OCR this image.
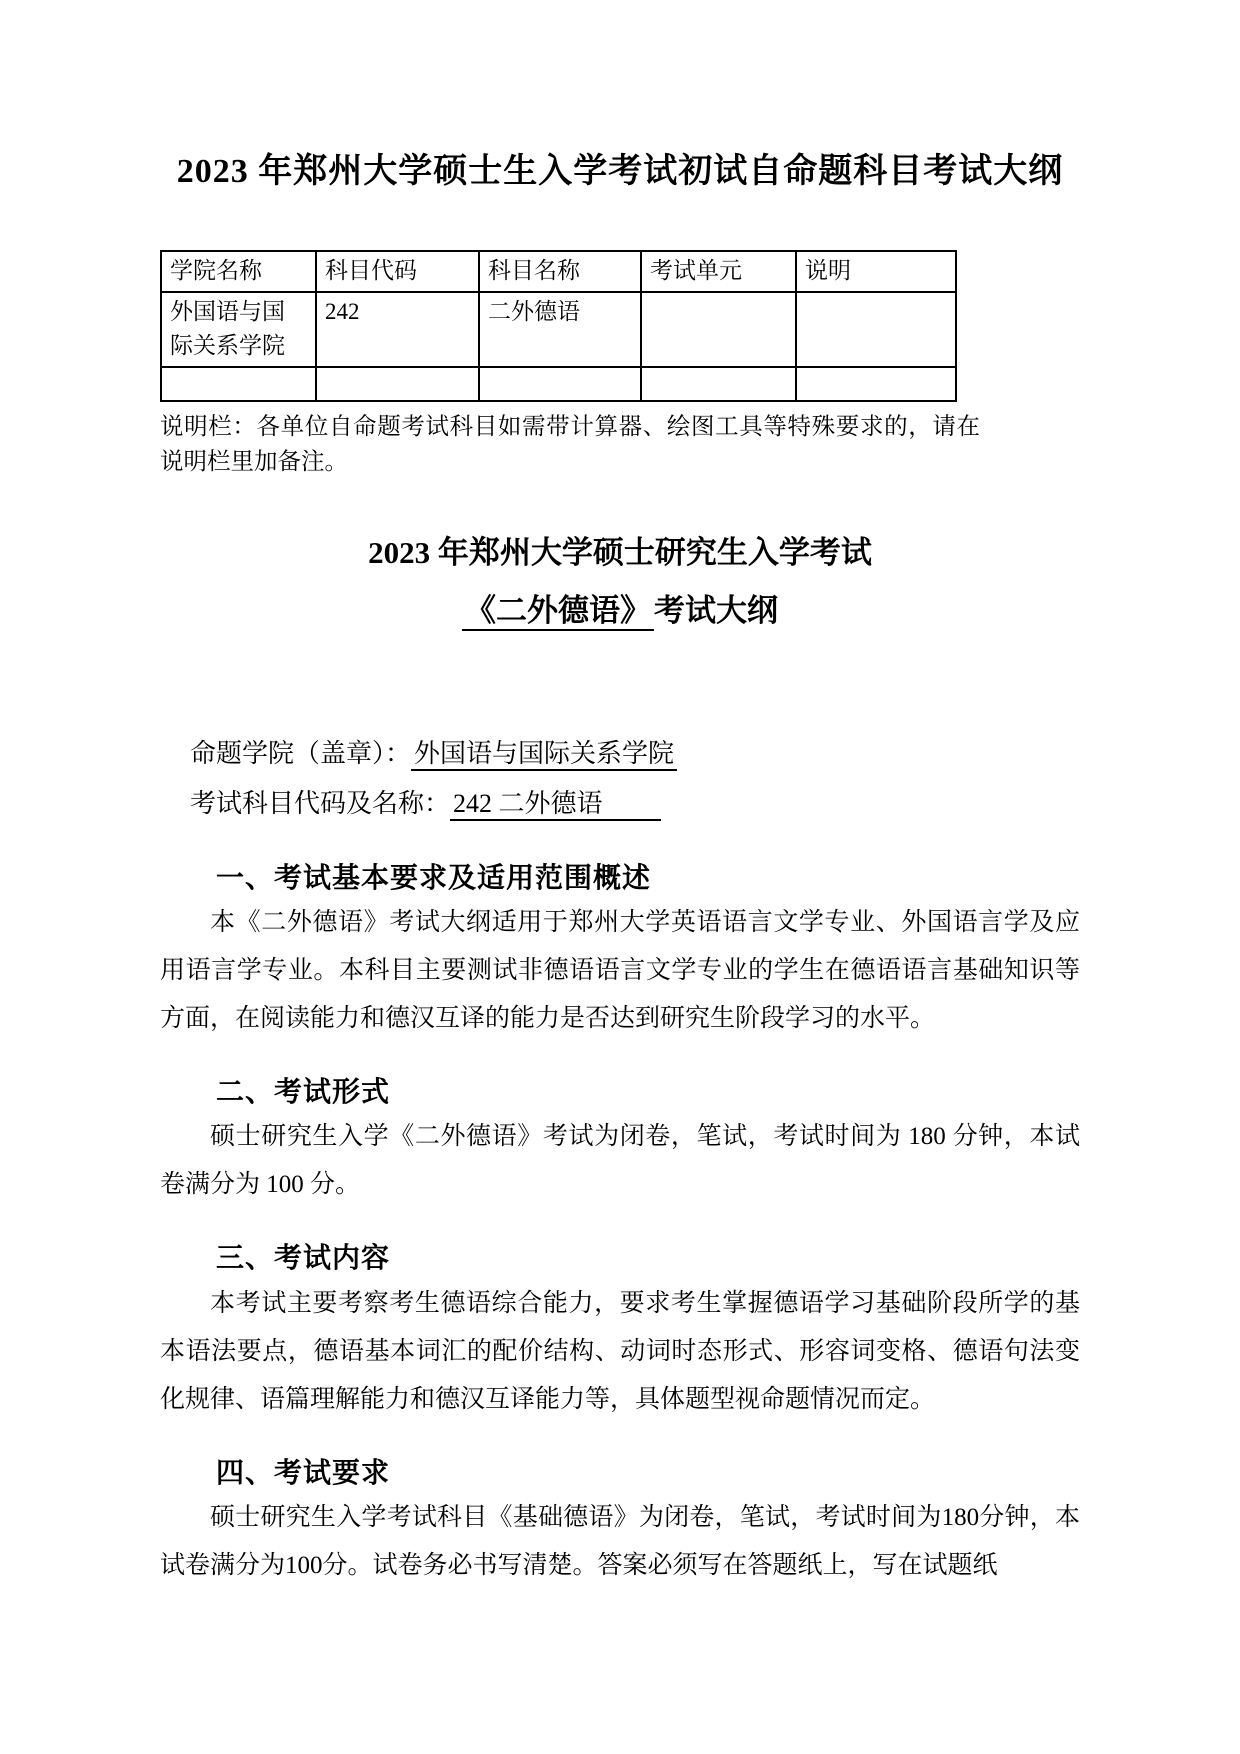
2023 年郑州大学硕士生入学考试初试自命题科目考试大纲
学院名称	科目代码	科目名称	考试单元	说明
外国语与国际关系学院	242	二外德语		

说明栏：各单位自命题考试科目如需带计算器、绘图工具等特殊要求的，请在说明栏里加备注。

2023 年郑州大学硕士研究生入学考试
《二外德语》考试大纲

命题学院（盖章）： 外国语与国际关系学院

考试科目代码及名称： 242 二外德语

一、考试基本要求及适用范围概述

本《二外德语》考试大纲适用于郑州大学英语语言文学专业、外国语言学及应用语言学专业。本科目主要测试非德语语言文学专业的学生在德语语言基础知识等方面，在阅读能力和德汉互译的能力是否达到研究生阶段学习的水平。

二、考试形式

硕士研究生入学《二外德语》考试为闭卷，笔试，考试时间为 180 分钟，本试卷满分为 100 分。

三、考试内容

本考试主要考察考生德语综合能力，要求考生掌握德语学习基础阶段所学的基本语法要点，德语基本词汇的配价结构、动词时态形式、形容词变格、德语句法变化规律、语篇理解能力和德汉互译能力等，具体题型视命题情况而定。

四、考试要求

硕士研究生入学考试科目《基础德语》为闭卷，笔试，考试时间为180分钟，本试卷满分为100分。试卷务必书写清楚。答案必须写在答题纸上，写在试题纸
